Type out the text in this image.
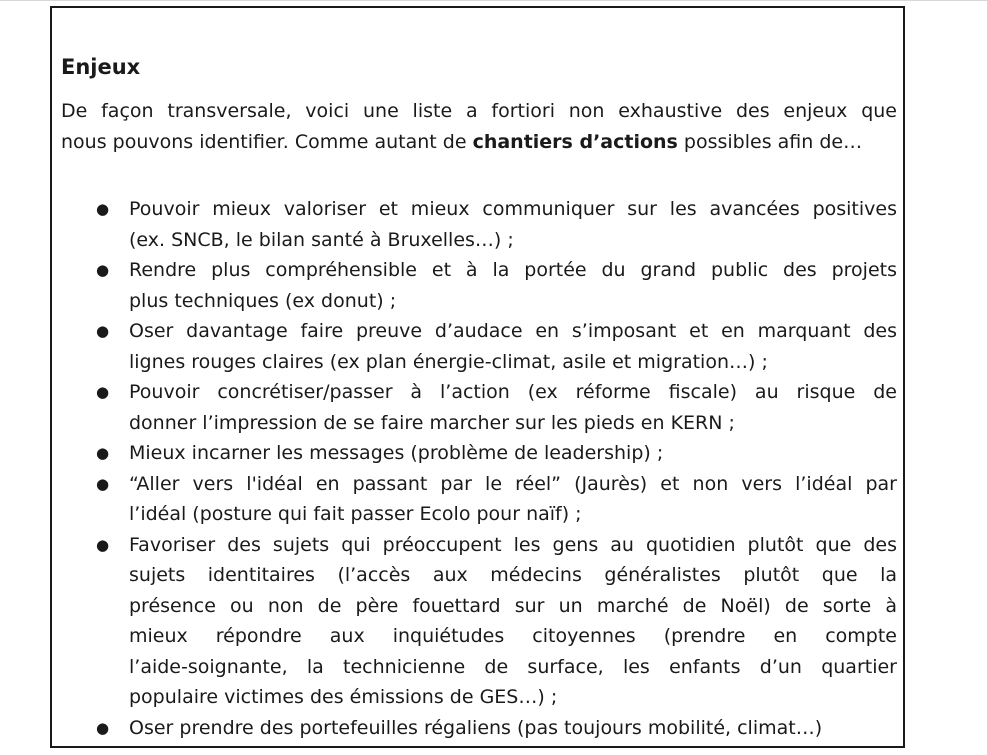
Enjeux

De façon transversale, voici une liste a fortiori non exhaustive des enjeux que
nous pouvons identifier. Comme autant de chantiers d’actions possibles afin de…

● Pouvoir mieux valoriser et mieux communiquer sur les avancées positives
(ex. SNCB, le bilan santé à Bruxelles…) ;
● Rendre plus compréhensible et à la portée du grand public des projets
plus techniques (ex donut) ;
● Oser davantage faire preuve d’audace en s’imposant et en marquant des
lignes rouges claires (ex plan énergie-climat, asile et migration…) ;
● Pouvoir concrétiser/passer à l’action (ex réforme fiscale) au risque de
donner l’impression de se faire marcher sur les pieds en KERN ;
● Mieux incarner les messages (problème de leadership) ;
● “Aller vers l'idéal en passant par le réel” (Jaurès) et non vers l’idéal par
l’idéal (posture qui fait passer Ecolo pour naïf) ;
● Favoriser des sujets qui préoccupent les gens au quotidien plutôt que des
sujets identitaires (l’accès aux médecins généralistes plutôt que la
présence ou non de père fouettard sur un marché de Noël) de sorte à
mieux répondre aux inquiétudes citoyennes (prendre en compte
l’aide-soignante, la technicienne de surface, les enfants d’un quartier
populaire victimes des émissions de GES…) ;
● Oser prendre des portefeuilles régaliens (pas toujours mobilité, climat…)
